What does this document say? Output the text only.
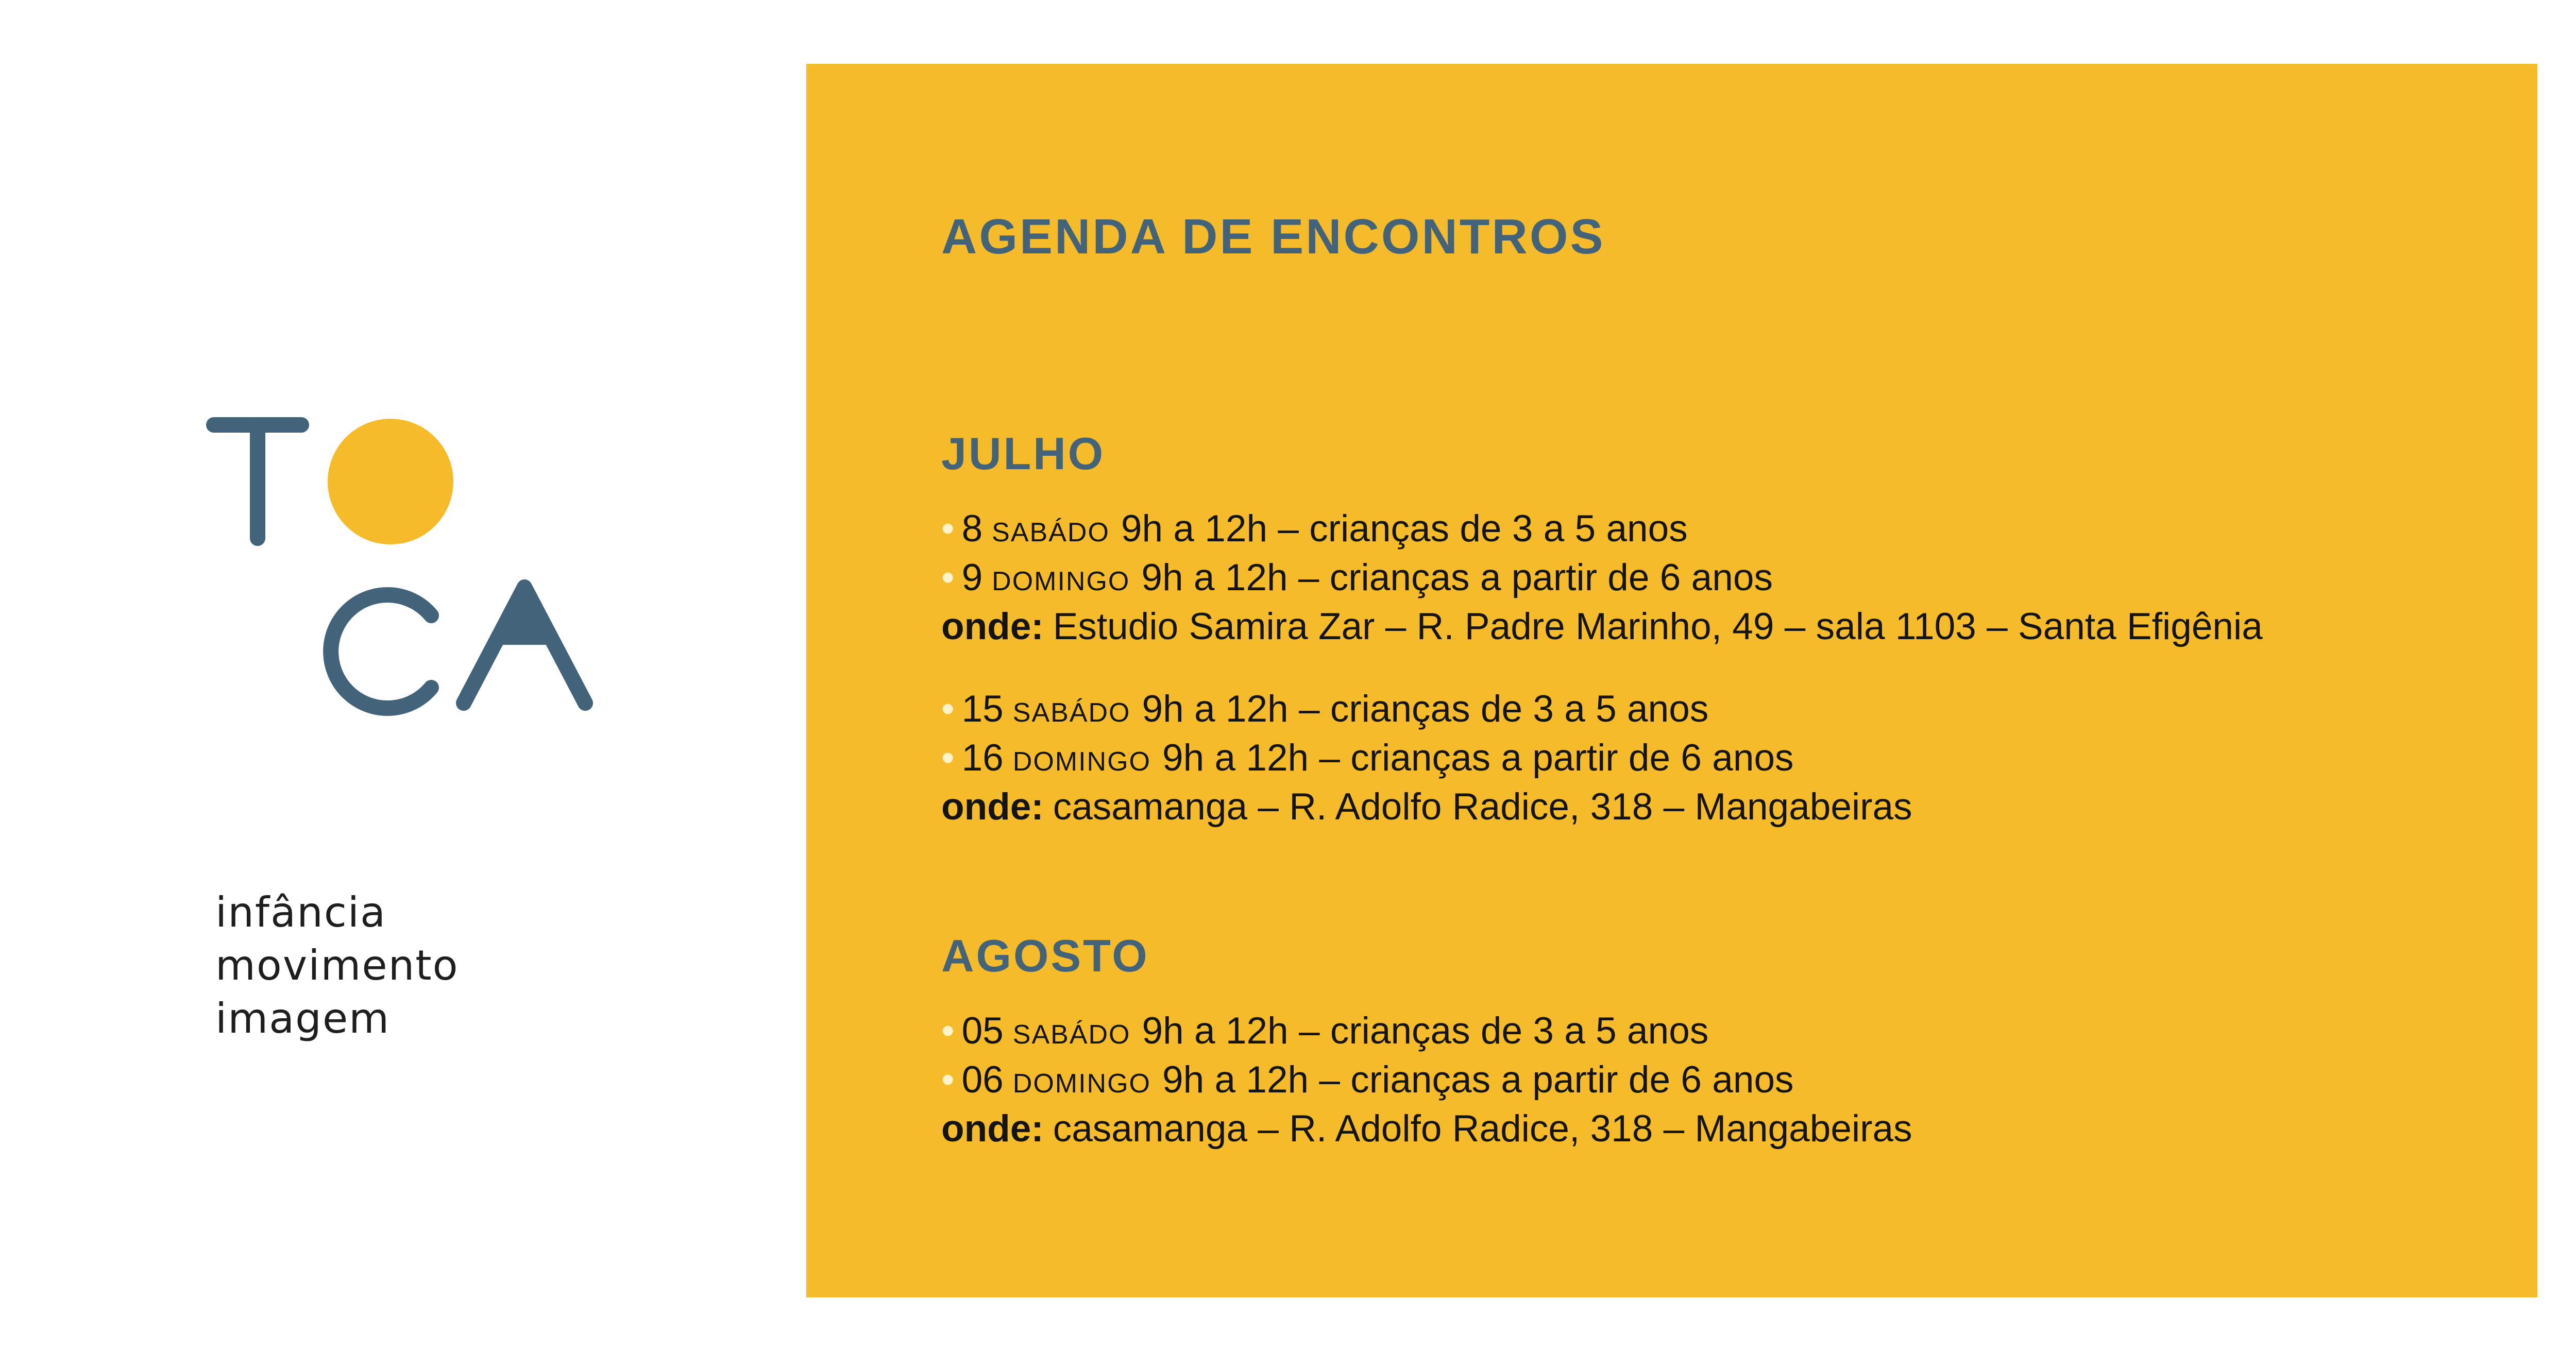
infância
movimento
imagem
AGENDA DE ENCONTROS
JULHO
• 8 SABÁDO 9h a 12h – crianças de 3 a 5 anos
• 9 DOMINGO 9h a 12h – crianças a partir de 6 anos
onde: Estudio Samira Zar – R. Padre Marinho, 49 – sala 1103 – Santa Efigênia
• 15 SABÁDO 9h a 12h – crianças de 3 a 5 anos
• 16 DOMINGO 9h a 12h – crianças a partir de 6 anos
onde: casamanga – R. Adolfo Radice, 318 – Mangabeiras
AGOSTO
• 05 SABÁDO 9h a 12h – crianças de 3 a 5 anos
• 06 DOMINGO 9h a 12h – crianças a partir de 6 anos
onde: casamanga – R. Adolfo Radice, 318 – Mangabeiras
